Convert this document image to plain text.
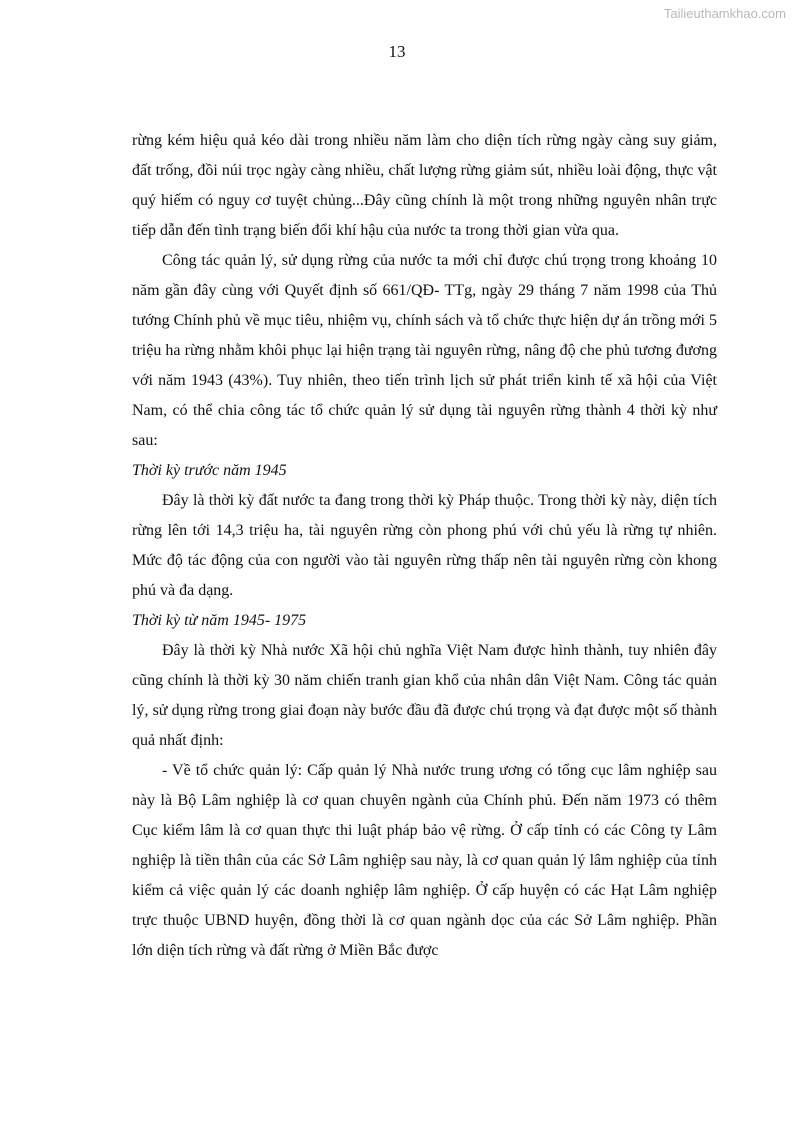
Tailieuthamkhao.com
13

rừng kém hiệu quả kéo dài trong nhiều năm làm cho diện tích rừng ngày càng suy giảm, đất trống, đồi núi trọc ngày càng nhiều, chất lượng rừng giảm sút, nhiều loài động, thực vật quý hiếm có nguy cơ tuyệt chủng...Đây cũng chính là một trong những nguyên nhân trực tiếp dẫn đến tình trạng biến đổi khí hậu của nước ta trong thời gian vừa qua.

Công tác quản lý, sử dụng rừng của nước ta mới chỉ được chú trọng trong khoảng 10 năm gần đây cùng với Quyết định số 661/QĐ- TTg, ngày 29 tháng 7 năm 1998 của Thủ tướng Chính phủ về mục tiêu, nhiệm vụ, chính sách và tổ chức thực hiện dự án trồng mới 5 triệu ha rừng nhằm khôi phục lại hiện trạng tài nguyên rừng, nâng độ che phủ tương đương với năm 1943 (43%). Tuy nhiên, theo tiến trình lịch sử phát triển kinh tế xã hội của Việt Nam, có thể chia công tác tổ chức quản lý sử dụng tài nguyên rừng thành 4 thời kỳ như sau:

Thời kỳ trước năm 1945

Đây là thời kỳ đất nước ta đang trong thời kỳ Pháp thuộc. Trong thời kỳ này, diện tích rừng lên tới 14,3 triệu ha, tài nguyên rừng còn phong phú với chủ yếu là rừng tự nhiên. Mức độ tác động của con người vào tài nguyên rừng thấp nên tài nguyên rừng còn khong phú và đa dạng.

Thời kỳ từ năm 1945- 1975

Đây là thời kỳ Nhà nước Xã hội chủ nghĩa Việt Nam được hình thành, tuy nhiên đây cũng chính là thời kỳ 30 năm chiến tranh gian khổ của nhân dân Việt Nam. Công tác quản lý, sử dụng rừng trong giai đoạn này bước đầu đã được chú trọng và đạt được một số thành quả nhất định:

- Về tổ chức quản lý: Cấp quản lý Nhà nước trung ương có tổng cục lâm nghiệp sau này là Bộ Lâm nghiệp là cơ quan chuyên ngành của Chính phủ. Đến năm 1973 có thêm Cục kiểm lâm là cơ quan thực thi luật pháp bảo vệ rừng. Ở cấp tỉnh có các Công ty Lâm nghiệp là tiền thân của các Sở Lâm nghiệp sau này, là cơ quan quản lý lâm nghiệp của tỉnh kiểm cả việc quản lý các doanh nghiệp lâm nghiệp. Ở cấp huyện có các Hạt Lâm nghiệp trực thuộc UBND huyện, đồng thời là cơ quan ngành dọc của các Sở Lâm nghiệp. Phần lớn diện tích rừng và đất rừng ở Miền Bắc được
